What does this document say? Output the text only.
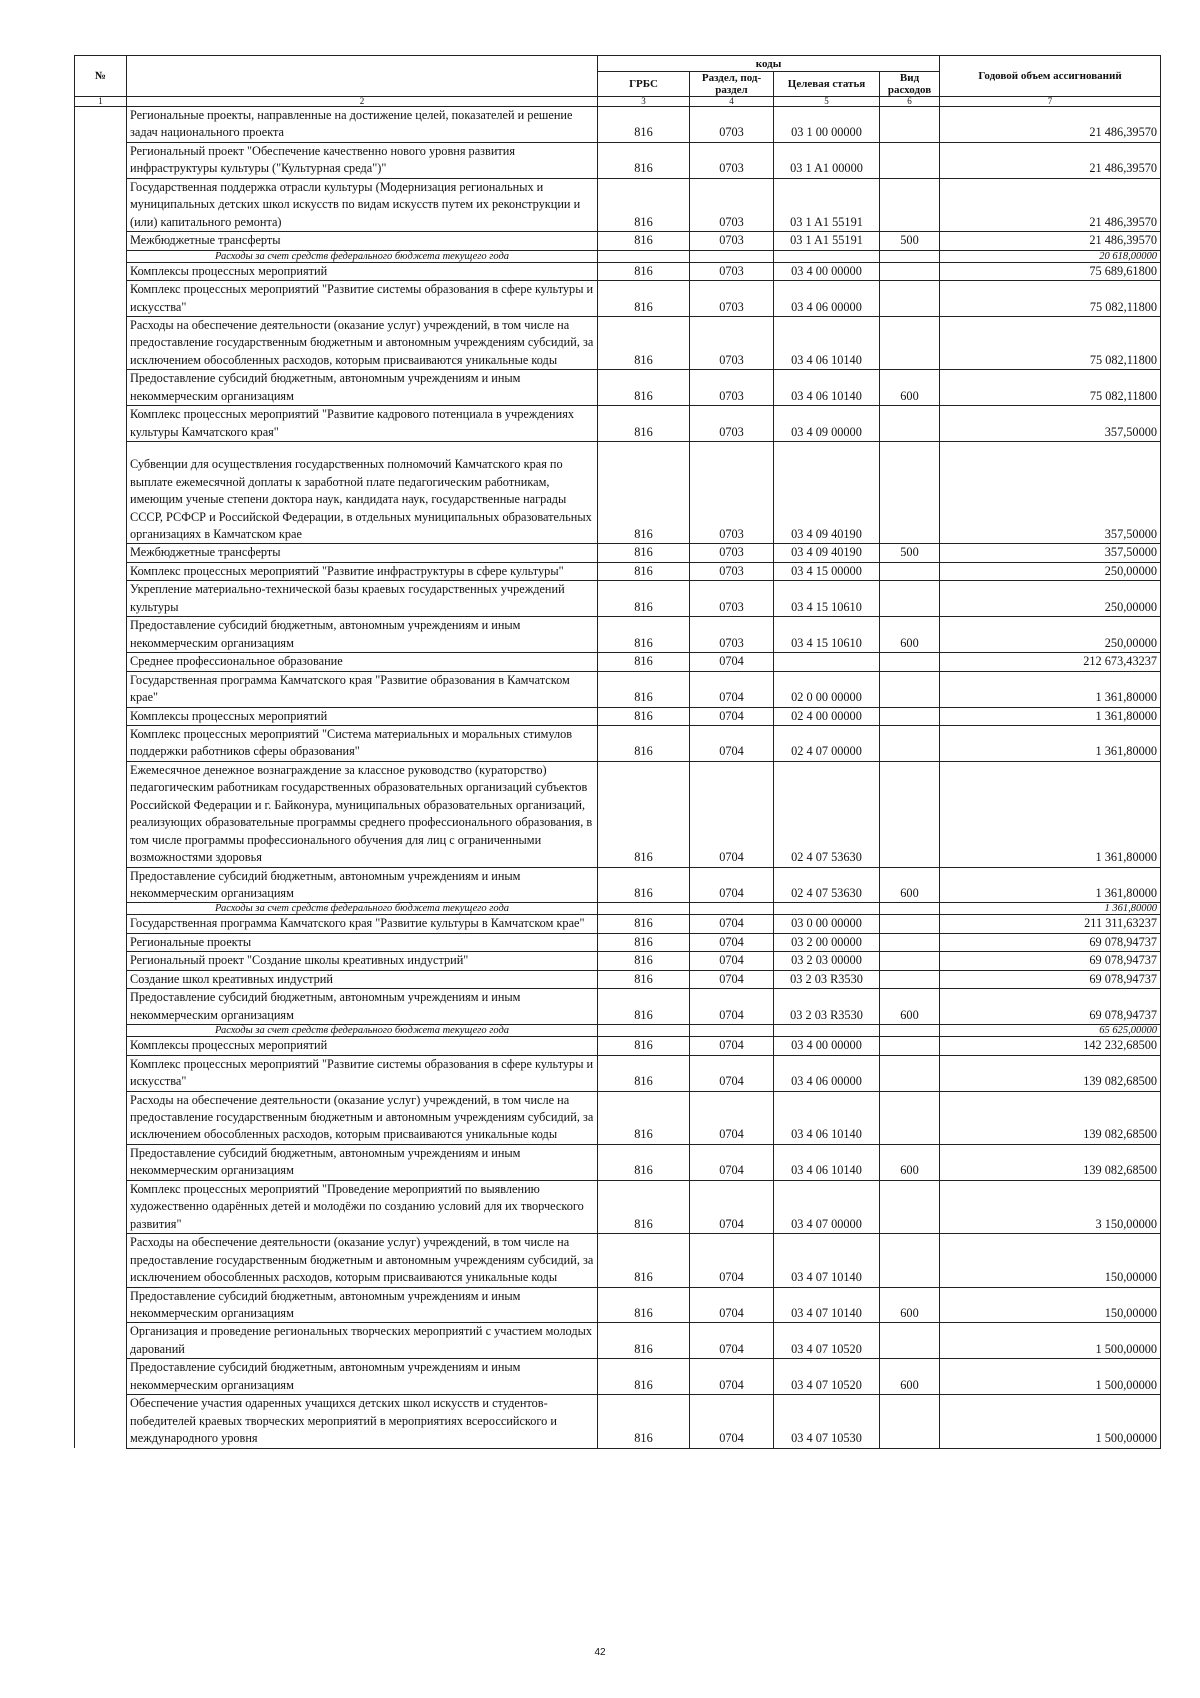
№		коды				Годовой объем ассигнований
		ГРБС	Раздел, под-раздел	Целевая статья	Вид расходов	
1	2	3	4	5	6	7
	Региональные проекты, направленные на достижение целей, показателей и решение задач национального проекта	816	0703	03 1 00 00000		21 486,39570
	Региональный проект "Обеспечение качественно нового уровня развития инфраструктуры культуры ("Культурная среда")"	816	0703	03 1 A1 00000		21 486,39570
	Государственная поддержка отрасли культуры (Модернизация региональных и муниципальных детских школ искусств по видам искусств путем их реконструкции и (или) капитального ремонта)	816	0703	03 1 A1 55191		21 486,39570
	Межбюджетные трансферты	816	0703	03 1 A1 55191	500	21 486,39570
	Расходы за счет средств федерального бюджета текущего года					20 618,00000
	Комплексы процессных мероприятий	816	0703	03 4 00 00000		75 689,61800
	Комплекс процессных мероприятий "Развитие системы образования в сфере культуры и искусства"	816	0703	03 4 06 00000		75 082,11800
	Расходы на обеспечение деятельности (оказание услуг) учреждений, в том числе на предоставление государственным бюджетным и автономным учреждениям субсидий, за исключением обособленных расходов, которым присваиваются уникальные коды	816	0703	03 4 06 10140		75 082,11800
	Предоставление субсидий бюджетным, автономным учреждениям и иным некоммерческим организациям	816	0703	03 4 06 10140	600	75 082,11800
	Комплекс процессных мероприятий "Развитие кадрового потенциала в учреждениях культуры Камчатского края"	816	0703	03 4 09 00000		357,50000
	Субвенции для осуществления государственных полномочий Камчатского края по выплате ежемесячной доплаты к заработной плате педагогическим работникам, имеющим ученые степени доктора наук, кандидата наук, государственные награды СССР, РСФСР и Российской Федерации, в отдельных муниципальных образовательных организациях в Камчатском крае	816	0703	03 4 09 40190		357,50000
	Межбюджетные трансферты	816	0703	03 4 09 40190	500	357,50000
	Комплекс процессных мероприятий "Развитие инфраструктуры в сфере культуры"	816	0703	03 4 15 00000		250,00000
	Укрепление материально-технической базы краевых государственных учреждений культуры	816	0703	03 4 15 10610		250,00000
	Предоставление субсидий бюджетным, автономным учреждениям и иным некоммерческим организациям	816	0703	03 4 15 10610	600	250,00000
	Среднее профессиональное образование	816	0704			212 673,43237
	Государственная программа Камчатского края "Развитие образования в Камчатском крае"	816	0704	02 0 00 00000		1 361,80000
	Комплексы процессных мероприятий	816	0704	02 4 00 00000		1 361,80000
	Комплекс процессных мероприятий "Система материальных и моральных стимулов поддержки работников сферы образования"	816	0704	02 4 07 00000		1 361,80000
	Ежемесячное денежное вознаграждение за классное руководство (кураторство) педагогическим работникам государственных образовательных организаций субъектов Российской Федерации и г. Байконура, муниципальных образовательных организаций, реализующих образовательные программы среднего профессионального образования, в том числе программы профессионального обучения для лиц с ограниченными возможностями здоровья	816	0704	02 4 07 53630		1 361,80000
	Предоставление субсидий бюджетным, автономным учреждениям и иным некоммерческим организациям	816	0704	02 4 07 53630	600	1 361,80000
	Расходы за счет средств федерального бюджета текущего года					1 361,80000
	Государственная программа Камчатского края "Развитие культуры в Камчатском крае"	816	0704	03 0 00 00000		211 311,63237
	Региональные проекты	816	0704	03 2 00 00000		69 078,94737
	Региональный проект "Создание школы креативных индустрий"	816	0704	03 2 03 00000		69 078,94737
	Создание школ креативных индустрий	816	0704	03 2 03 R3530		69 078,94737
	Предоставление субсидий бюджетным, автономным учреждениям и иным некоммерческим организациям	816	0704	03 2 03 R3530	600	69 078,94737
	Расходы за счет средств федерального бюджета текущего года					65 625,00000
	Комплексы процессных мероприятий	816	0704	03 4 00 00000		142 232,68500
	Комплекс процессных мероприятий "Развитие системы образования в сфере культуры и искусства"	816	0704	03 4 06 00000		139 082,68500
	Расходы на обеспечение деятельности (оказание услуг) учреждений, в том числе на предоставление государственным бюджетным и автономным учреждениям субсидий, за исключением обособленных расходов, которым присваиваются уникальные коды	816	0704	03 4 06 10140		139 082,68500
	Предоставление субсидий бюджетным, автономным учреждениям и иным некоммерческим организациям	816	0704	03 4 06 10140	600	139 082,68500
	Комплекс процессных мероприятий "Проведение мероприятий по выявлению художественно одарённых детей и молодёжи по созданию условий для их творческого развития"	816	0704	03 4 07 00000		3 150,00000
	Расходы на обеспечение деятельности (оказание услуг) учреждений, в том числе на предоставление государственным бюджетным и автономным учреждениям субсидий, за исключением обособленных расходов, которым присваиваются уникальные коды	816	0704	03 4 07 10140		150,00000
	Предоставление субсидий бюджетным, автономным учреждениям и иным некоммерческим организациям	816	0704	03 4 07 10140	600	150,00000
	Организация и проведение региональных творческих мероприятий с участием молодых дарований	816	0704	03 4 07 10520		1 500,00000
	Предоставление субсидий бюджетным, автономным учреждениям и иным некоммерческим организациям	816	0704	03 4 07 10520	600	1 500,00000
	Обеспечение участия одаренных учащихся детских школ искусств и студентов-победителей краевых творческих мероприятий в мероприятиях всероссийского и международного уровня	816	0704	03 4 07 10530		1 500,00000
42
